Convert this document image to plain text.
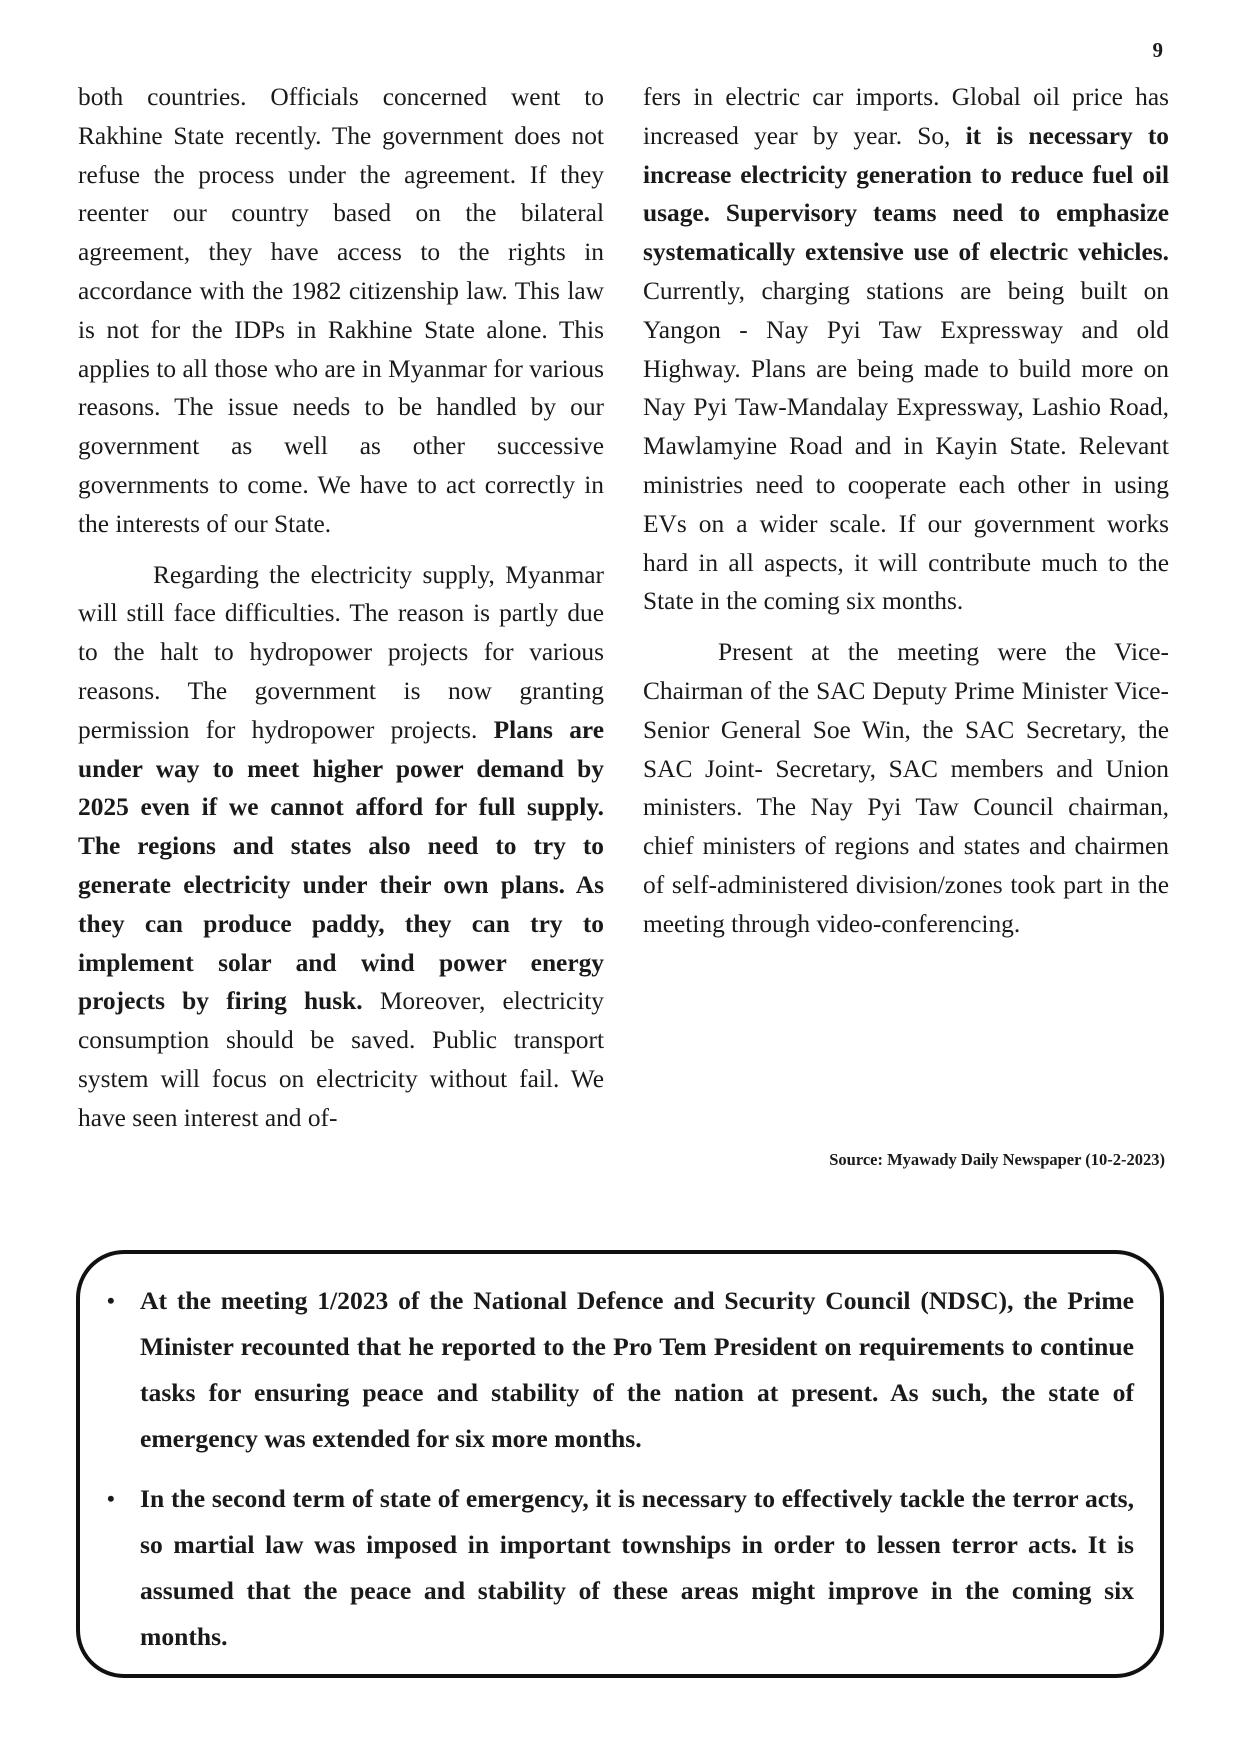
9

both countries. Officials concerned went to Rakhine State recently. The government does not refuse the process under the agreement. If they reenter our country based on the bilateral agreement, they have access to the rights in accordance with the 1982 citizenship law. This law is not for the IDPs in Rakhine State alone. This applies to all those who are in Myanmar for various reasons. The issue needs to be handled by our government as well as other successive governments to come. We have to act correctly in the interests of our State.

Regarding the electricity supply, Myanmar will still face difficulties. The reason is partly due to the halt to hydropower projects for various reasons. The government is now granting permission for hydropower projects. Plans are under way to meet higher power demand by 2025 even if we cannot afford for full supply. The regions and states also need to try to generate electricity under their own plans. As they can produce paddy, they can try to implement solar and wind power energy projects by firing husk. Moreover, electricity consumption should be saved. Public transport system will focus on electricity without fail. We have seen interest and of-

fers in electric car imports. Global oil price has increased year by year. So, it is necessary to increase electricity generation to reduce fuel oil usage. Supervisory teams need to emphasize systematically extensive use of electric vehicles. Currently, charging stations are being built on Yangon - Nay Pyi Taw Expressway and old Highway. Plans are being made to build more on Nay Pyi Taw-Mandalay Expressway, Lashio Road, Mawlamyine Road and in Kayin State. Relevant ministries need to cooperate each other in using EVs on a wider scale. If our government works hard in all aspects, it will contribute much to the State in the coming six months.

Present at the meeting were the Vice-Chairman of the SAC Deputy Prime Minister Vice-Senior General Soe Win, the SAC Secretary, the SAC Joint- Secretary, SAC members and Union ministers. The Nay Pyi Taw Council chairman, chief ministers of regions and states and chairmen of self-administered division/zones took part in the meeting through video-conferencing.

Source: Myawady Daily Newspaper (10-2-2023)
• At the meeting 1/2023 of the National Defence and Security Council (NDSC), the Prime Minister recounted that he reported to the Pro Tem President on requirements to continue tasks for ensuring peace and stability of the nation at present. As such, the state of emergency was extended for six more months.
• In the second term of state of emergency, it is necessary to effectively tackle the terror acts, so martial law was imposed in important townships in order to lessen terror acts. It is assumed that the peace and stability of these areas might improve in the coming six months.
